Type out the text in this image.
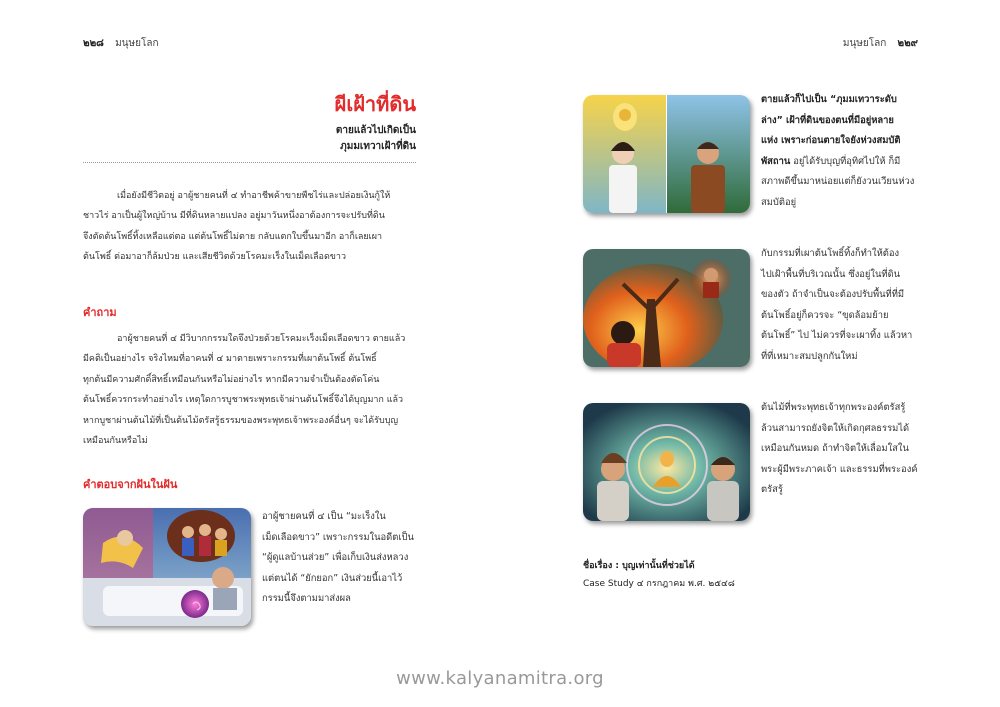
๒๒๘ มนุษยโลก	มนุษยโลก ๒๒๙
ผีเฝ้าที่ดิน
ตายแล้วไปเกิดเป็น
ภุมมเทวาเฝ้าที่ดิน
เมื่อยังมีชีวิตอยู่ อาผู้ชายคนที่ ๔ ทำอาชีพค้าขายพืชไร่และปล่อยเงินกู้ให้
ชาวไร่ อาเป็นผู้ใหญ่บ้าน มีที่ดินหลายแปลง อยู่มาวันหนึ่งอาต้องการจะปรับที่ดิน
จึงตัดต้นโพธิ์ทิ้งเหลือแต่ตอ แต่ต้นโพธิ์ไม่ตาย กลับแตกใบขึ้นมาอีก อาก็เลยเผา
ต้นโพธิ์ ต่อมาอาก็ล้มป่วย และเสียชีวิตด้วยโรคมะเร็งในเม็ดเลือดขาว
คำถาม
อาผู้ชายคนที่ ๔ มีวิบากกรรมใดจึงป่วยด้วยโรคมะเร็งเม็ดเลือดขาว ตายแล้ว
มีคติเป็นอย่างไร จริงไหมที่อาคนที่ ๔ มาตายเพราะกรรมที่เผาต้นโพธิ์ ต้นโพธิ์
ทุกต้นมีความศักดิ์สิทธิ์เหมือนกันหรือไม่อย่างไร หากมีความจำเป็นต้องตัดโค่น
ต้นโพธิ์ควรกระทำอย่างไร เหตุใดการบูชาพระพุทธเจ้าผ่านต้นโพธิ์จึงได้บุญมาก แล้ว
หากบูชาผ่านต้นไม้ที่เป็นต้นไม้ตรัสรู้ธรรมของพระพุทธเจ้าพระองค์อื่นๆ จะได้รับบุญ
เหมือนกันหรือไม่
คำตอบจากฝันในฝัน
อาผู้ชายคนที่ ๔ เป็น “มะเร็งใน
เม็ดเลือดขาว” เพราะกรรมในอดีตเป็น
“ผู้ดูแลบ้านส่วย” เพื่อเก็บเงินส่งหลวง
แต่ตนได้ “ยักยอก” เงินส่วยนี้เอาไว้
กรรมนี้จึงตามมาส่งผล
ตายแล้วก็ไปเป็น “ภุมมเทวาระดับ
ล่าง” เฝ้าที่ดินของตนที่มีอยู่หลาย
แห่ง เพราะก่อนตายใจยังห่วงสมบัติ
พัสถาน อยู่ได้รับบุญที่อุทิศไปให้ ก็มี
สภาพดีขึ้นมาหน่อยแต่ก็ยังวนเวียนห่วง
สมบัติอยู่
กับกรรมที่เผาต้นโพธิ์ทิ้งก็ทำให้ต้อง
ไปเฝ้าพื้นที่บริเวณนั้น ซึ่งอยู่ในที่ดิน
ของตัว ถ้าจำเป็นจะต้องปรับพื้นที่ที่มี
ต้นโพธิ์อยู่ก็ควรจะ “ขุดล้อมย้าย
ต้นโพธิ์” ไป ไม่ควรที่จะเผาทิ้ง แล้วหา
ที่ที่เหมาะสมปลูกกันใหม่
ต้นไม้ที่พระพุทธเจ้าทุกพระองค์ตรัสรู้
ล้วนสามารถยังจิตให้เกิดกุศลธรรมได้
เหมือนกันหมด ถ้าทำจิตให้เลื่อมใสใน
พระผู้มีพระภาคเจ้า และธรรมที่พระองค์
ตรัสรู้
ชื่อเรื่อง : บุญเท่านั้นที่ช่วยได้
Case Study ๔ กรกฎาคม พ.ศ. ๒๕๔๘
www.kalyanamitra.org
